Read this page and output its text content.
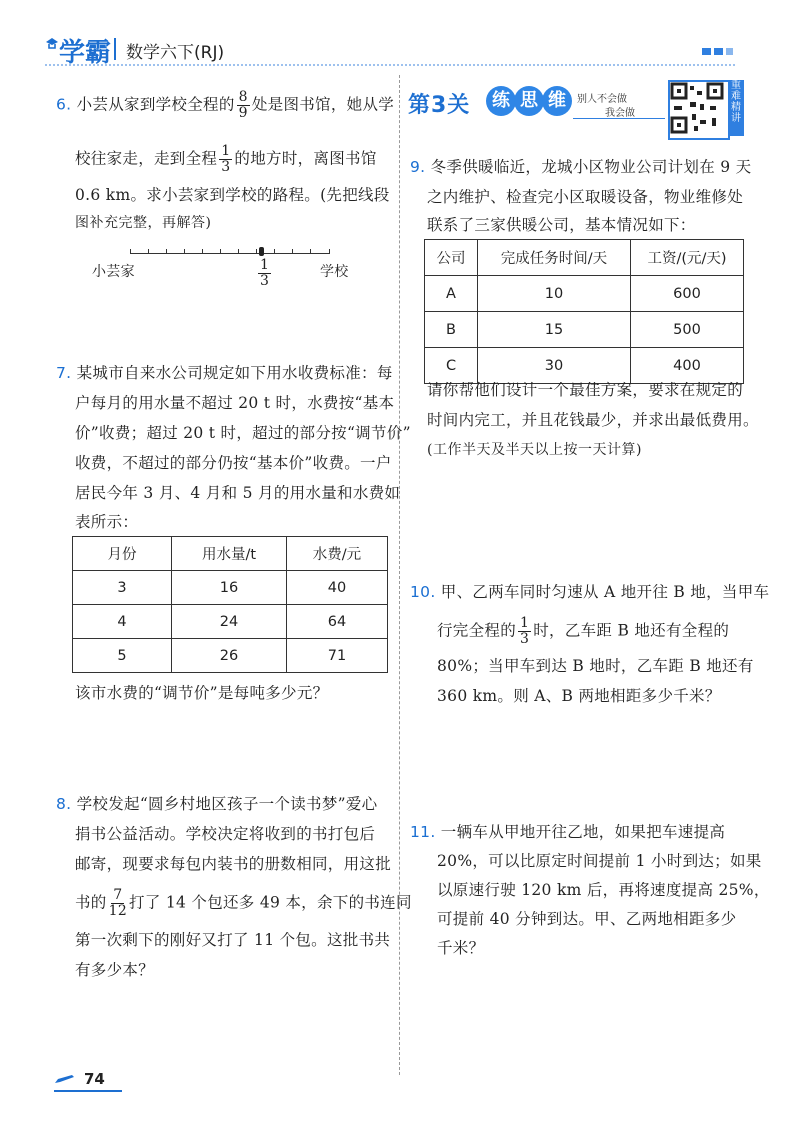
学霸 数学六下(RJ)
6. 小芸从家到学校全程的 $\frac{8}{9}$ 处是图书馆，她从学
校往家走，走到全程 $\frac{1}{3}$ 的地方时，离图书馆
0.6 km。求小芸家到学校的路程。(先把线段
图补充完整，再解答)
小芸家	$\frac{1}{3}$	学校
7. 某城市自来水公司规定如下用水收费标准：每
户每月的用水量不超过 20 t 时，水费按“基本
价”收费；超过 20 t 时，超过的部分按“调节价”
收费，不超过的部分仍按“基本价”收费。一户
居民今年 3 月、4 月和 5 月的用水量和水费如
表所示：
月份	用水量/t	水费/元
3	16	40
4	24	64
5	26	71
该市水费的“调节价”是每吨多少元？
8. 学校发起“圆乡村地区孩子一个读书梦”爱心
捐书公益活动。学校决定将收到的书打包后
邮寄，现要求每包内装书的册数相同，用这批
书的 $\frac{7}{12}$ 打了 14 个包还多 49 本，余下的书连同
第一次剩下的刚好又打了 11 个包。这批书共
有多少本？
第3关	练 思 维	别人不会做
我会做
重难精讲
9. 冬季供暖临近，龙城小区物业公司计划在 9 天
之内维护、检查完小区取暖设备，物业维修处
联系了三家供暖公司，基本情况如下：
公司	完成任务时间/天	工资/(元/天)
A	10	600
B	15	500
C	30	400
请你帮他们设计一个最佳方案，要求在规定的
时间内完工，并且花钱最少，并求出最低费用。
(工作半天及半天以上按一天计算)
10. 甲、乙两车同时匀速从 A 地开往 B 地，当甲车
行完全程的 $\frac{1}{3}$ 时，乙车距 B 地还有全程的
80%；当甲车到达 B 地时，乙车距 B 地还有
360 km。则 A、B 两地相距多少千米？
11. 一辆车从甲地开往乙地，如果把车速提高
20%，可以比原定时间提前 1 小时到达；如果
以原速行驶 120 km 后，再将速度提高 25%，
可提前 40 分钟到达。甲、乙两地相距多少
千米？
74
